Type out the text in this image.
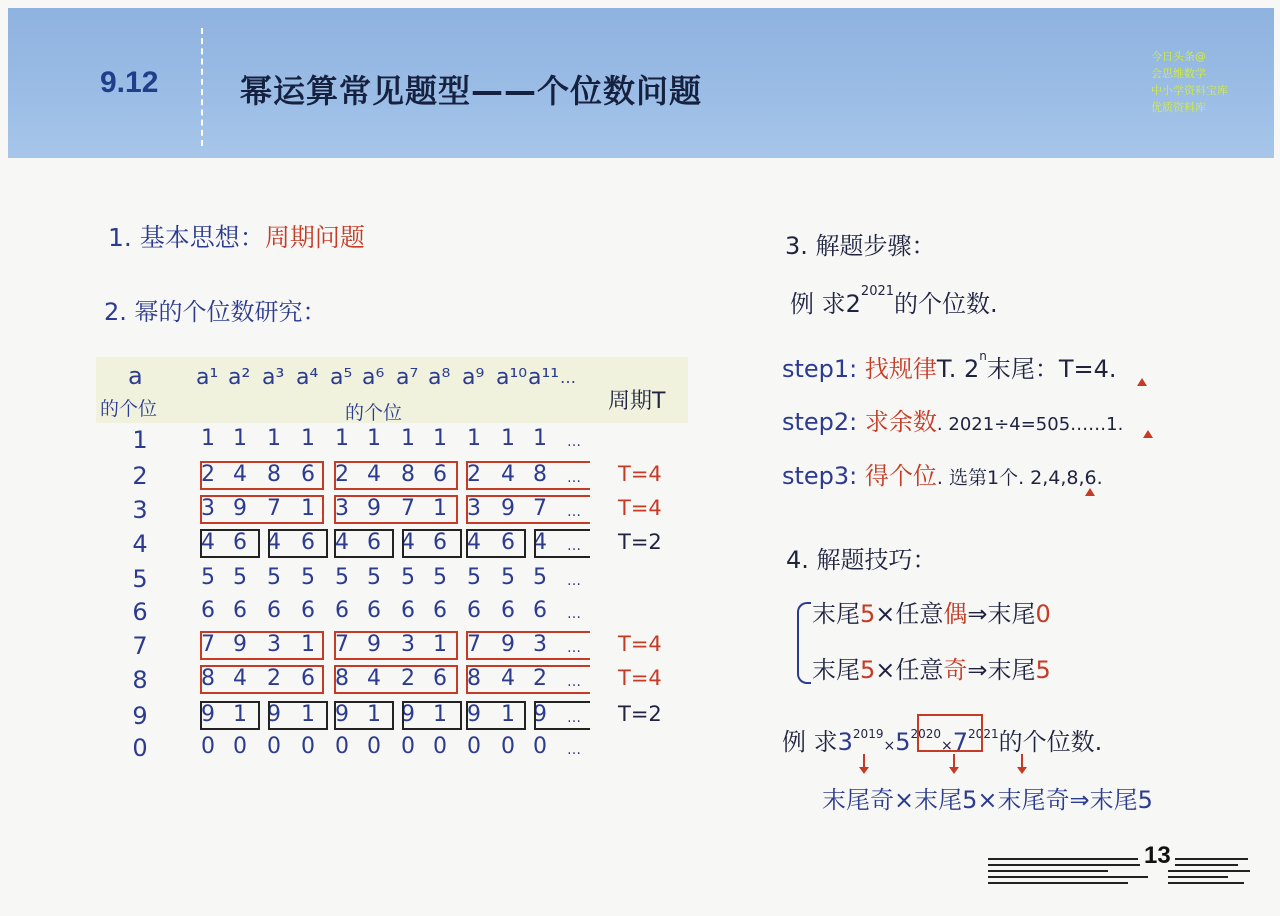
9.12	幂运算常见题型——个位数问题
今日头条@
会思维数学
中小学资料宝库
优质资料库
1. 基本思想：周期问题
2. 幂的个位数研究：
a
的个位
a¹ a² a³ a⁴ a⁵ a⁶ a⁷ a⁸ a⁹ a¹⁰ a¹¹ …
的个位	周期T
1 1 1 1 1 1 1 1 1 1 1 1 …
2 2 4 8 6 2 4 8 6 2 4 8 … T=4
3 3 9 7 1 3 9 7 1 3 9 7 … T=4
4 4 6 4 6 4 6 4 6 4 6 4 … T=2
5 5 5 5 5 5 5 5 5 5 5 5 …
6 6 6 6 6 6 6 6 6 6 6 6 …
7 7 9 3 1 7 9 3 1 7 9 3 … T=4
8 8 4 2 6 8 4 2 6 8 4 2 … T=4
9 9 1 9 1 9 1 9 1 9 1 9 … T=2
0 0 0 0 0 0 0 0 0 0 0 0 …
3. 解题步骤：
例 求$2^{2021}$的个位数.
step1: 找规律T. 2$^n$末尾：T=4.
step2: 求余数. 2021÷4=505……1.
step3: 得个位. 选第1个. 2,4,8,6.
4. 解题技巧：
末尾5×任意偶⇒末尾0
末尾5×任意奇⇒末尾5
例 求$3^{2019}\times 5^{2020}\times 7^{2021}$的个位数.
末尾奇×末尾5×末尾奇⇒末尾5
13
